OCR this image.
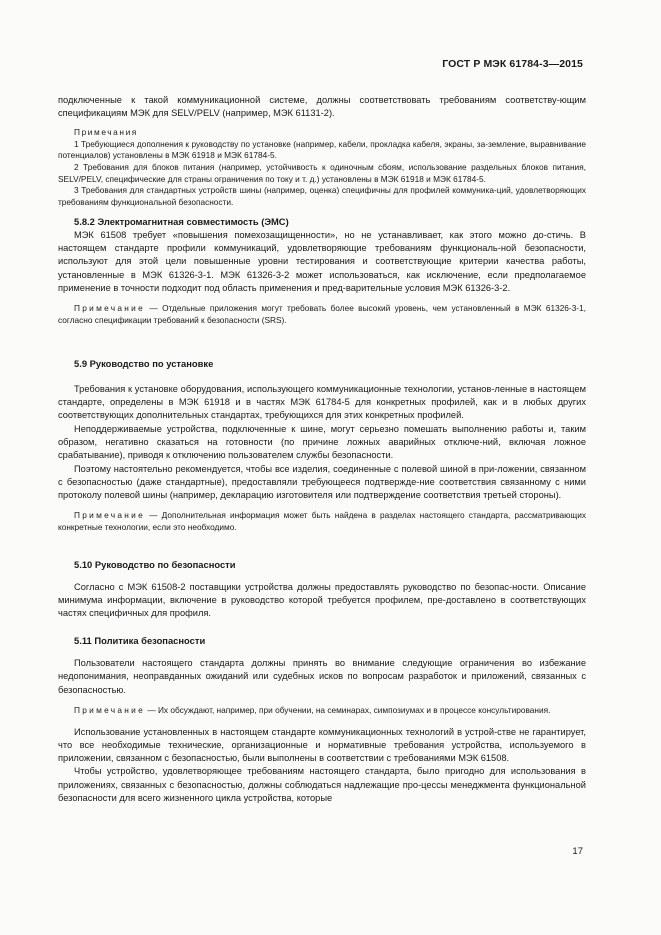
ГОСТ Р МЭК 61784-3—2015

подключенные к такой коммуникационной системе, должны соответствовать требованиям соответству-ющим спецификациям МЭК для SELV/PELV (например, МЭК 61131-2).

Примечания

1 Требующиеся дополнения к руководству по установке (например, кабели, прокладка кабеля, экраны, за-земление, выравнивание потенциалов) установлены в МЭК 61918 и МЭК 61784-5.

2 Требования для блоков питания (например, устойчивость к одиночным сбоям, использование раздельных блоков питания, SELV/PELV, специфические для страны ограничения по току и т. д.) установлены в МЭК 61918 и МЭК 61784-5.

3 Требования для стандартных устройств шины (например, оценка) специфичны для профилей коммуника-ций, удовлетворяющих требованиям функциональной безопасности.

5.8.2 Электромагнитная совместимость (ЭМС)

МЭК 61508 требует «повышения помехозащищенности», но не устанавливает, как этого можно до-стичь. В настоящем стандарте профили коммуникаций, удовлетворяющие требованиям функциональ-ной безопасности, используют для этой цели повышенные уровни тестирования и соответствующие критерии качества работы, установленные в МЭК 61326-3-1. МЭК 61326-3-2 может использоваться, как исключение, если предполагаемое применение в точности подходит под область применения и пред-варительные условия МЭК 61326-3-2.

Примечание — Отдельные приложения могут требовать более высокий уровень, чем установленный в МЭК 61326-3-1, согласно спецификации требований к безопасности (SRS).

5.9 Руководство по установке

Требования к установке оборудования, использующего коммуникационные технологии, установ-ленные в настоящем стандарте, определены в МЭК 61918 и в частях МЭК 61784-5 для конкретных профилей, как и в любых других соответствующих дополнительных стандартах, требующихся для этих конкретных профилей.

Неподдерживаемые устройства, подключенные к шине, могут серьезно помешать выполнению работы и, таким образом, негативно сказаться на готовности (по причине ложных аварийных отключе-ний, включая ложное срабатывание), приводя к отключению пользователем службы безопасности.

Поэтому настоятельно рекомендуется, чтобы все изделия, соединенные с полевой шиной в при-ложении, связанном с безопасностью (даже стандартные), предоставляли требующееся подтвержде-ние соответствия связанному с ними протоколу полевой шины (например, декларацию изготовителя или подтверждение соответствия третьей стороны).

Примечание — Дополнительная информация может быть найдена в разделах настоящего стандарта, рассматривающих конкретные технологии, если это необходимо.

5.10 Руководство по безопасности

Согласно с МЭК 61508-2 поставщики устройства должны предоставлять руководство по безопас-ности. Описание минимума информации, включение в руководство которой требуется профилем, пре-доставлено в соответствующих частях специфичных для профиля.

5.11 Политика безопасности

Пользователи настоящего стандарта должны принять во внимание следующие ограничения во избежание недопонимания, неоправданных ожиданий или судебных исков по вопросам разработок и приложений, связанных с безопасностью.

Примечание — Их обсуждают, например, при обучении, на семинарах, симпозиумах и в процессе консультирования.

Использование установленных в настоящем стандарте коммуникационных технологий в устрой-стве не гарантирует, что все необходимые технические, организационные и нормативные требования устройства, используемого в приложении, связанном с безопасностью, были выполнены в соответствии с требованиями МЭК 61508.

Чтобы устройство, удовлетворяющее требованиям настоящего стандарта, было пригодно для использования в приложениях, связанных с безопасностью, должны соблюдаться надлежащие про-цессы менеджмента функциональной безопасности для всего жизненного цикла устройства, которые

17
